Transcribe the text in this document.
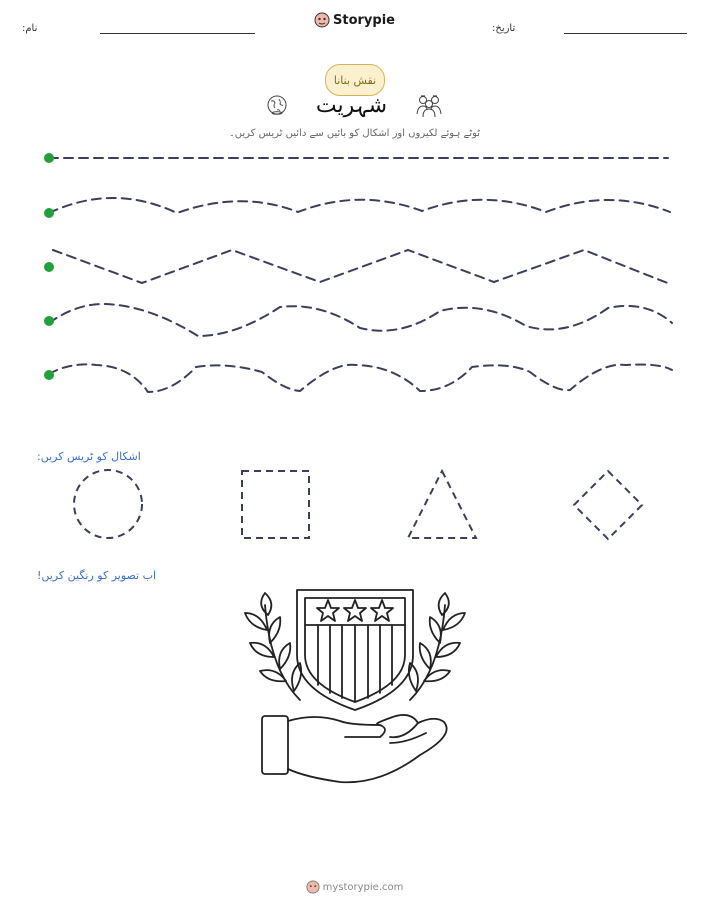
نام:
Storypie
تاریخ:
نقش بنانا
شہریت
ٹوٹے ہوئے لکیروں اور اشکال کو بائیں سے دائیں ٹریس کریں۔
اشکال کو ٹریس کریں:
اب تصویر کو رنگین کریں!
mystorypie.com
